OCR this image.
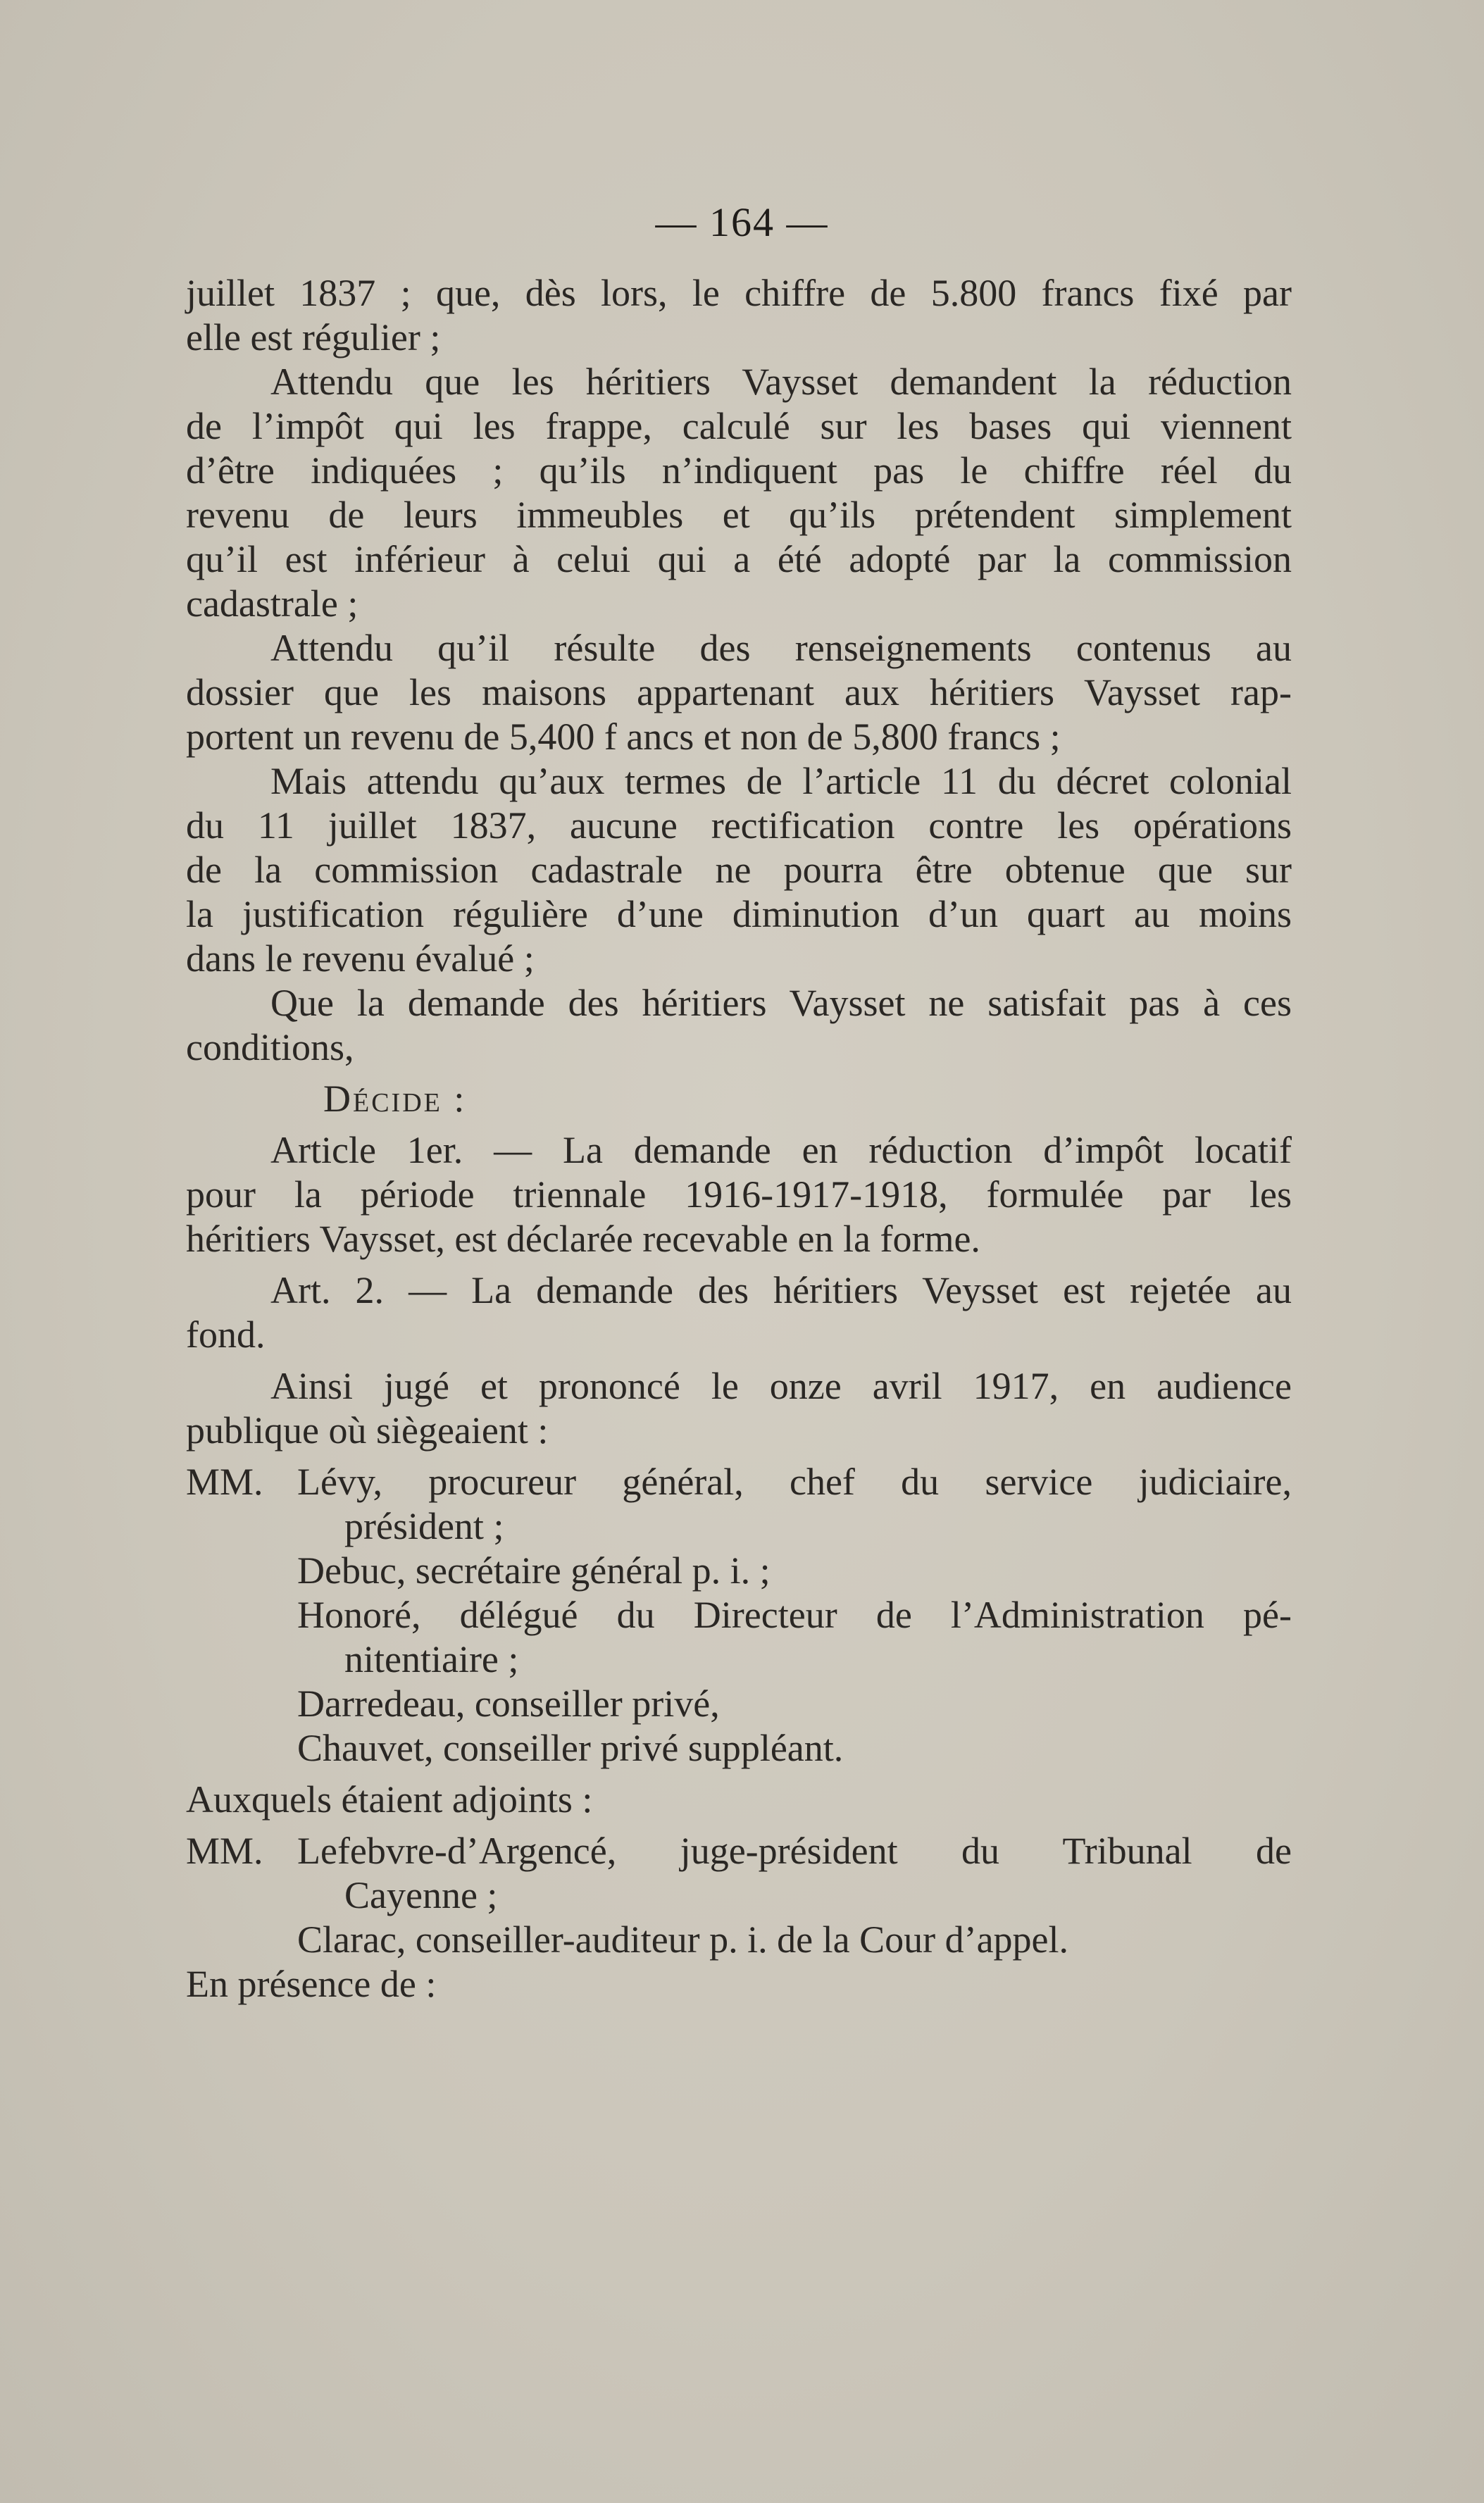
— 164 —
juillet 1837 ; que, dès lors, le chiffre de 5.800 francs fixé par
elle est régulier ;
Attendu que les héritiers Vaysset demandent la réduction
de l’impôt qui les frappe, calculé sur les bases qui viennent
d’être indiquées ; qu’ils n’indiquent pas le chiffre réel du
revenu de leurs immeubles et qu’ils prétendent simplement
qu’il est inférieur à celui qui a été adopté par la commission
cadastrale ;
Attendu qu’il résulte des renseignements contenus au
dossier que les maisons appartenant aux héritiers Vaysset rap-
portent un revenu de 5,400 f ancs et non de 5,800 francs ;
Mais attendu qu’aux termes de l’article 11 du décret colonial
du 11 juillet 1837, aucune rectification contre les opérations
de la commission cadastrale ne pourra être obtenue que sur
la justification régulière d’une diminution d’un quart au moins
dans le revenu évalué ;
Que la demande des héritiers Vaysset ne satisfait pas à ces
conditions,
Décide :
Article 1er. — La demande en réduction d’impôt locatif
pour la période triennale 1916-1917-1918, formulée par les
héritiers Vaysset, est déclarée recevable en la forme.
Art. 2. — La demande des héritiers Veysset est rejetée au
fond.
Ainsi jugé et prononcé le onze avril 1917, en audience
publique où siègeaient :
MM. Lévy, procureur général, chef du service judiciaire,
président ;
Debuc, secrétaire général p. i. ;
Honoré, délégué du Directeur de l’Administration pé-
nitentiaire ;
Darredeau, conseiller privé,
Chauvet, conseiller privé suppléant.
Auxquels étaient adjoints :
MM. Lefebvre-d’Argencé, juge-président du Tribunal de
Cayenne ;
Clarac, conseiller-auditeur p. i. de la Cour d’appel.
En présence de :
